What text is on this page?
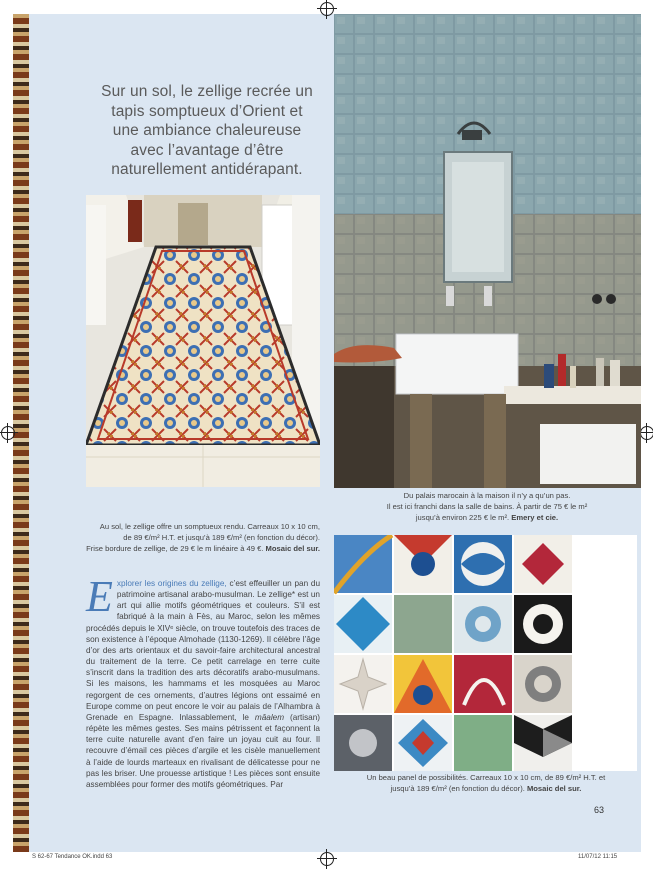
Sur un sol, le zellige recrée un
tapis somptueux d’Orient et
une ambiance chaleureuse
avec l’avantage d’être
naturellement antidérapant.
Au sol, le zellige offre un somptueux rendu. Carreaux 10 x 10 cm,
de 89 €/m² H.T. et jusqu’à 189 €/m² (en fonction du décor).
Frise bordure de zellige, de 29 € le m linéaire à 49 €. Mosaic del sur.
Du palais marocain à la maison il n’y a qu’un pas.
Il est ici franchi dans la salle de bains. À partir de 75 € le m²
jusqu’à environ 225 € le m². Emery et cie.
Un beau panel de possibilités. Carreaux 10 x 10 cm, de 89 €/m² H.T. et
jusqu’à 189 €/m² (en fonction du décor). Mosaic del sur.
Explorer les origines du zellige, c’est effeuiller un pan du patrimoine artisanal arabo-musulman. Le zellige* est un art qui allie motifs géométriques et couleurs. S’il est fabriqué à la main à Fès, au Maroc, selon les mêmes procédés depuis le XIVᵉ siècle, on trouve toutefois des traces de son existence à l’époque Almohade (1130-1269). Il célèbre l’âge d’or des arts orientaux et du savoir-faire architectural ancestral du traitement de la terre. Ce petit carrelage en terre cuite s’inscrit dans la tradition des arts décoratifs arabo-musulmans. Si les maisons, les hammams et les mosquées au Maroc regorgent de ces ornements, d’autres légions ont essaimé en Europe comme on peut encore le voir au palais de l’Alhambra à Grenade en Espagne. Inlassablement, le mâalem (artisan) répète les mêmes gestes. Ses mains pétrissent et façonnent la terre cuite naturelle avant d’en faire un joyau cuit au four. Il recouvre d’émail ces pièces d’argile et les cisèle manuellement à l’aide de lourds marteaux en rivalisant de délicatesse pour ne pas les briser. Une prouesse artistique ! Les pièces sont ensuite assemblées pour former des motifs géométriques. Par
63
S 62-67 Tendance OK.indd 63	11/07/12 11:15
